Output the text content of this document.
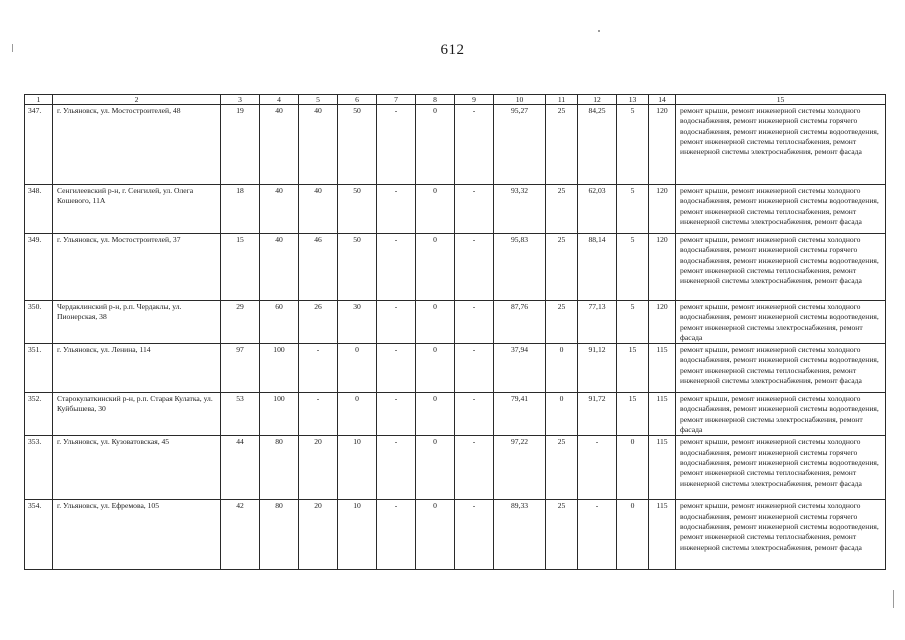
612
1	2	3	4	5	6	7	8	9	10	11	12	13	14	15
347.	г. Ульяновск, ул. Мостостроителей, 48	19	40	40	50	-	0	-	95,27	25	84,25	5	120	ремонт крыши, ремонт инженерной системы холодного водоснабжения, ремонт инженерной системы горячего водоснабжения, ремонт инженерной системы водоотведения, ремонт инженерной системы теплоснабжения, ремонт инженерной системы электроснабжения, ремонт фасада
348.	Сенгилеевский р-н, г. Сенгилей, ул. Олега Кошевого, 11А	18	40	40	50	-	0	-	93,32	25	62,03	5	120	ремонт крыши, ремонт инженерной системы холодного водоснабжения, ремонт инженерной системы водоотведения, ремонт инженерной системы теплоснабжения, ремонт инженерной системы электроснабжения, ремонт фасада
349.	г. Ульяновск, ул. Мостостроителей, 37	15	40	46	50	-	0	-	95,83	25	88,14	5	120	ремонт крыши, ремонт инженерной системы холодного водоснабжения, ремонт инженерной системы горячего водоснабжения, ремонт инженерной системы водоотведения, ремонт инженерной системы теплоснабжения, ремонт инженерной системы электроснабжения, ремонт фасада
350.	Чердаклинский р-н, р.п. Чердаклы, ул. Пионерская, 38	29	60	26	30	-	0	-	87,76	25	77,13	5	120	ремонт крыши, ремонт инженерной системы холодного водоснабжения, ремонт инженерной системы водоотведения, ремонт инженерной системы электроснабжения, ремонт фасада
351.	г. Ульяновск, ул. Ленина, 114	97	100	-	0	-	0	-	37,94	0	91,12	15	115	ремонт крыши, ремонт инженерной системы холодного водоснабжения, ремонт инженерной системы водоотведения, ремонт инженерной системы теплоснабжения, ремонт инженерной системы электроснабжения, ремонт фасада
352.	Старокулаткинский р-н, р.п. Старая Кулатка, ул. Куйбышева, 30	53	100	-	0	-	0	-	79,41	0	91,72	15	115	ремонт крыши, ремонт инженерной системы холодного водоснабжения, ремонт инженерной системы водоотведения, ремонт инженерной системы электроснабжения, ремонт фасада
353.	г. Ульяновск, ул. Кузоватовская, 45	44	80	20	10	-	0	-	97,22	25	-	0	115	ремонт крыши, ремонт инженерной системы холодного водоснабжения, ремонт инженерной системы горячего водоснабжения, ремонт инженерной системы водоотведения, ремонт инженерной системы теплоснабжения, ремонт инженерной системы электроснабжения, ремонт фасада
354.	г. Ульяновск, ул. Ефремова, 105	42	80	20	10	-	0	-	89,33	25	-	0	115	ремонт крыши, ремонт инженерной системы холодного водоснабжения, ремонт инженерной системы горячего водоснабжения, ремонт инженерной системы водоотведения, ремонт инженерной системы теплоснабжения, ремонт инженерной системы электроснабжения, ремонт фасада
